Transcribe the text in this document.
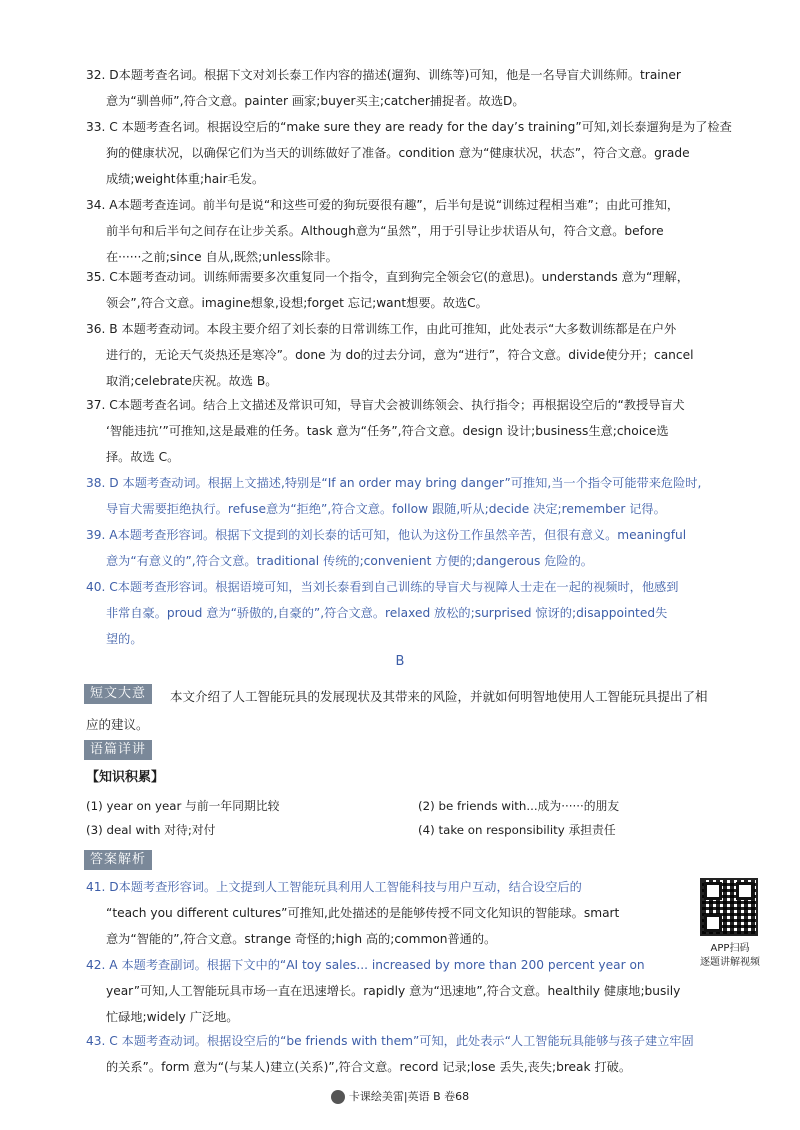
32. D本题考查名词。根据下文对刘长泰工作内容的描述(遛狗、训练等)可知，他是一名导盲犬训练师。trainer
意为“驯兽师”,符合文意。painter 画家;buyer买主;catcher捕捉者。故选D。
33. C 本题考查名词。根据设空后的“make sure they are ready for the day’s training”可知,刘长泰遛狗是为了检查
狗的健康状况，以确保它们为当天的训练做好了准备。condition 意为“健康状况，状态”，符合文意。grade
成绩;weight体重;hair毛发。
34. A本题考查连词。前半句是说“和这些可爱的狗玩耍很有趣”，后半句是说“训练过程相当难”；由此可推知，
前半句和后半句之间存在让步关系。Although意为“虽然”，用于引导让步状语从句，符合文意。before
在······之前;since 自从,既然;unless除非。
35. C本题考查动词。训练师需要多次重复同一个指令，直到狗完全领会它(的意思)。understands 意为“理解，
领会”,符合文意。imagine想象,设想;forget 忘记;want想要。故选C。
36. B 本题考查动词。本段主要介绍了刘长泰的日常训练工作，由此可推知，此处表示“大多数训练都是在户外
进行的，无论天气炎热还是寒冷”。done 为 do的过去分词，意为“进行”，符合文意。divide使分开；cancel
取消;celebrate庆祝。故选 B。
37. C本题考查名词。结合上文描述及常识可知，导盲犬会被训练领会、执行指令；再根据设空后的“教授导盲犬
‘智能违抗’”可推知,这是最难的任务。task 意为“任务”,符合文意。design 设计;business生意;choice选
择。故选 C。
38. D 本题考查动词。根据上文描述,特别是“If an order may bring danger”可推知,当一个指令可能带来危险时,
导盲犬需要拒绝执行。refuse意为“拒绝”,符合文意。follow 跟随,听从;decide 决定;remember 记得。
39. A本题考查形容词。根据下文提到的刘长泰的话可知，他认为这份工作虽然辛苦，但很有意义。meaningful
意为“有意义的”,符合文意。traditional 传统的;convenient 方便的;dangerous 危险的。
40. C本题考查形容词。根据语境可知，当刘长泰看到自己训练的导盲犬与视障人士走在一起的视频时，他感到
非常自豪。proud 意为“骄傲的,自豪的”,符合文意。relaxed 放松的;surprised 惊讶的;disappointed失
望的。
B
短文大意	本文介绍了人工智能玩具的发展现状及其带来的风险，并就如何明智地使用人工智能玩具提出了相
应的建议。
语篇详讲
【知识积累】
(1) year on year 与前一年同期比较	(2) be friends with...成为······的朋友
(3) deal with 对待;对付	(4) take on responsibility 承担责任
答案解析
41. D本题考查形容词。上文提到人工智能玩具利用人工智能科技与用户互动，结合设空后的
“teach you different cultures”可推知,此处描述的是能够传授不同文化知识的智能球。smart
意为“智能的”,符合文意。strange 奇怪的;high 高的;common普通的。
42. A 本题考查副词。根据下文中的“AI toy sales... increased by more than 200 percent year on
year”可知,人工智能玩具市场一直在迅速增长。rapidly 意为“迅速地”,符合文意。healthily 健康地;busily
忙碌地;widely 广泛地。
43. C 本题考查动词。根据设空后的“be friends with them”可知，此处表示“人工智能玩具能够与孩子建立牢固
的关系”。form 意为“(与某人)建立(关系)”,符合文意。record 记录;lose 丢失,丧失;break 打破。
APP扫码
逐题讲解视频
卡课绘美雷|英语 B 卷68
